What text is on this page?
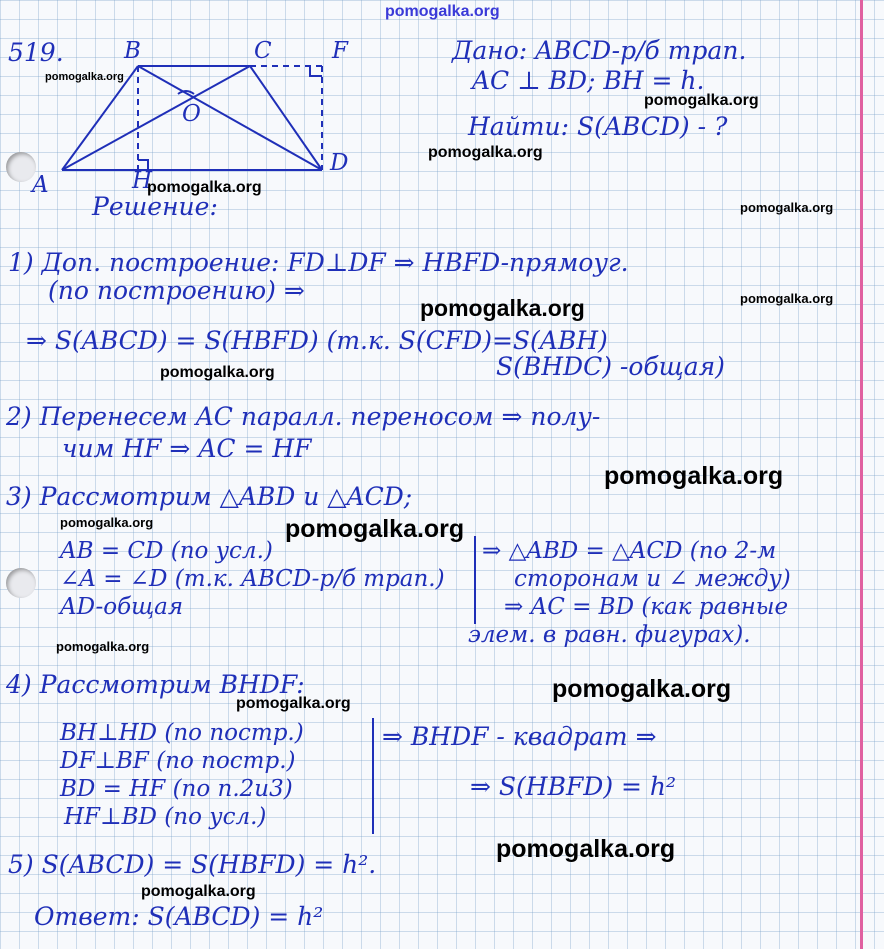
519.	B	C	F
O
D
A	H
Дано: ABCD-р/б трап.
AC ⊥ BD; BH = h.
Найти: S(ABCD) - ?
Решение:
1) Доп. построение: FD⊥DF ⇒ HBFD-прямоуг.
(по построению) ⇒
⇒ S(ABCD) = S(HBFD) (т.к. S(CFD)=S(ABH)
S(BHDC) -общая)
2) Перенесем AC паралл. переносом ⇒ полу-
чим HF ⇒ AC = HF
3) Рассмотрим △ABD и △ACD;
AB = CD (по усл.)
∠A = ∠D (т.к. ABCD-р/б трап.)
AD-общая
⇒ △ABD = △ACD (по 2-м
сторонам и ∠ между)
⇒ AC = BD (как равные
элем. в равн. фигурах).
4) Рассмотрим BHDF:
BH⊥HD (по постр.)
DF⊥BF (по постр.)
BD = HF (по п.2и3)
HF⊥BD (по усл.)
⇒ BHDF - квадрат ⇒
⇒ S(HBFD) = h²
5) S(ABCD) = S(HBFD) = h².
Ответ: S(ABCD) = h²
pomogalka.org
pomogalka.org
pomogalka.org
pomogalka.org
pomogalka.org
pomogalka.org
pomogalka.org
pomogalka.org
pomogalka.org
pomogalka.org
pomogalka.org	pomogalka.org
pomogalka.org
pomogalka.org
pomogalka.org
pomogalka.org
pomogalka.org
